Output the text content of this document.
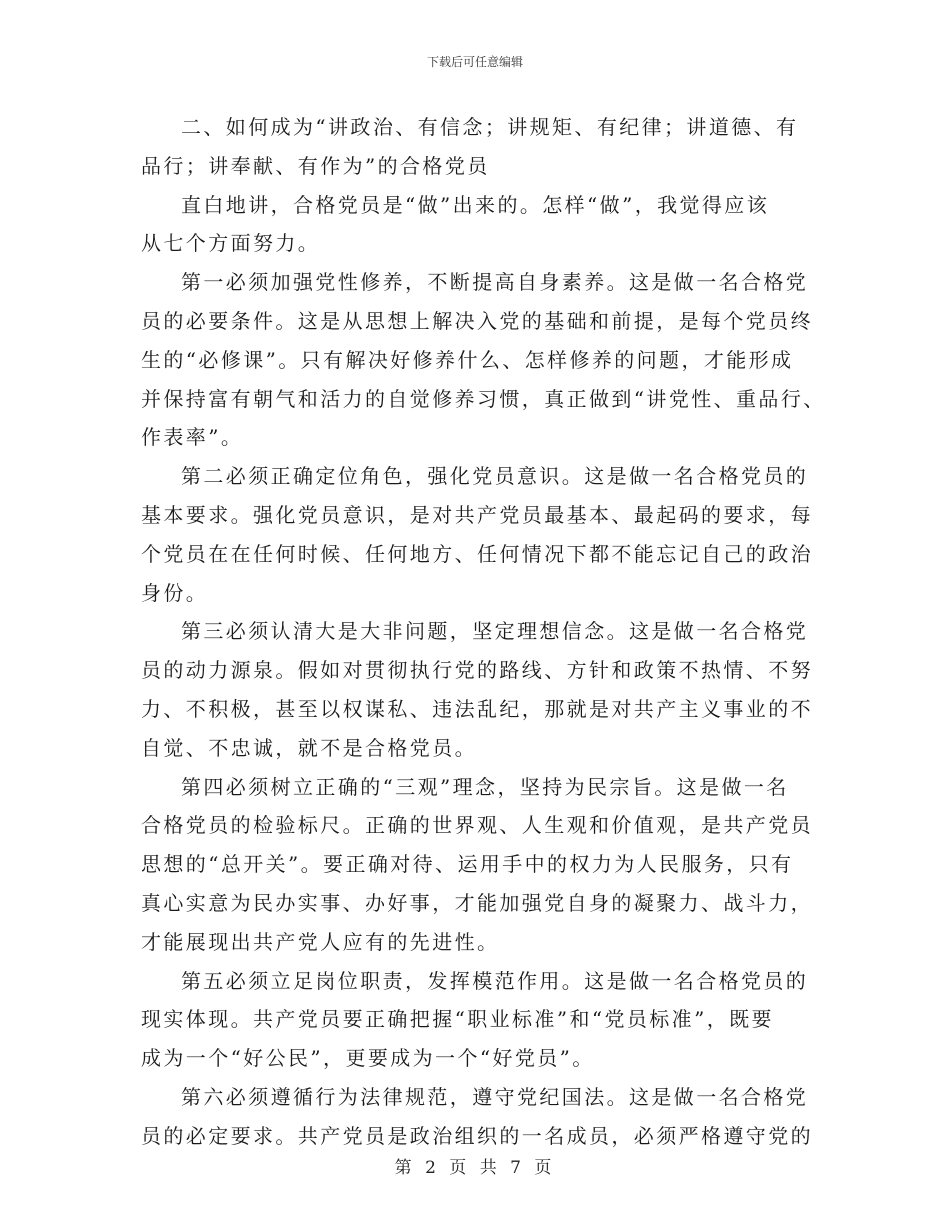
下载后可任意编辑

二、如何成为“讲政治、有信念；讲规矩、有纪律；讲道德、有
品行；讲奉献、有作为”的合格党员

直白地讲，合格党员是“做”出来的。怎样“做”，我觉得应该
从七个方面努力。

第一必须加强党性修养，不断提高自身素养。这是做一名合格党
员的必要条件。这是从思想上解决入党的基础和前提，是每个党员终
生的“必修课”。只有解决好修养什么、怎样修养的问题，才能形成
并保持富有朝气和活力的自觉修养习惯，真正做到“讲党性、重品行、
作表率”。

第二必须正确定位角色，强化党员意识。这是做一名合格党员的
基本要求。强化党员意识，是对共产党员最基本、最起码的要求，每
个党员在在任何时候、任何地方、任何情况下都不能忘记自己的政治
身份。

第三必须认清大是大非问题，坚定理想信念。这是做一名合格党
员的动力源泉。假如对贯彻执行党的路线、方针和政策不热情、不努
力、不积极，甚至以权谋私、违法乱纪，那就是对共产主义事业的不
自觉、不忠诚，就不是合格党员。

第四必须树立正确的“三观”理念，坚持为民宗旨。这是做一名
合格党员的检验标尺。正确的世界观、人生观和价值观，是共产党员
思想的“总开关”。要正确对待、运用手中的权力为人民服务，只有
真心实意为民办实事、办好事，才能加强党自身的凝聚力、战斗力，
才能展现出共产党人应有的先进性。

第五必须立足岗位职责，发挥模范作用。这是做一名合格党员的
现实体现。共产党员要正确把握“职业标准”和“党员标准”，既要
成为一个“好公民”，更要成为一个“好党员”。

第六必须遵循行为法律规范，遵守党纪国法。这是做一名合格党
员的必定要求。共产党员是政治组织的一名成员，必须严格遵守党的

第 2 页 共 7 页
